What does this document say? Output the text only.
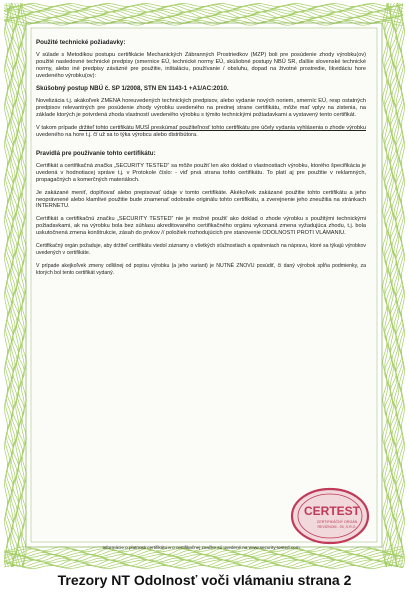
Použité technické požiadavky:
V súlade s Metodikou postupu certifikácie Mechanických Zábranných Prostriedkov (MZP) boli pre posúdenie zhody výrobku(ov) použité nasledovné technické predpisy (smernice EÚ, technické normy EÚ, skúšobné postupy NBÚ SR, ďalšie slovenské technické normy, alebo iné predpisy záväzné pre použitie, inštaláciu, používanie / obsluhu, dopad na životné prostredie, likvidáciu hore uvedeného výrobku(ov):
Skúšobný postup NBÚ č. SP 1/2008, STN EN 1143-1 +A1/AC:2010.
Novelizácia t.j. akákoľvek ZMENA horeuvedených technických predpisov, alebo vydanie nových noriem, smerníc EÚ, resp ostatných predpisov relevantných pre posúdenie zhody výrobku uvedeného na prednej strane certifikátu, môže mať vplyv na zistenia, na základe ktorých je potvrdená zhoda vlastností uvedeného výrobku s týmito technickými požiadavkami a vystavený tento certifikát.
V takom prípade držiteľ tohto certifikátu MUSÍ preskúmať použiteľnosť tohto certifikátu pre účely vydania vyhlásenia o zhode výrobku uvedeného na hore t.j. čí už sa to týka výrobcu alebo distribútora.
Pravidlá pre používanie tohto certifikátu:
Certifikát a certifikačná značka „SECURITY TESTED“ sa môže použiť len ako doklad o vlastnostiach výrobku, ktorého špecifikácia je uvedená v hodnotiacej správe t.j. v Protokole číslo: - viď prvá strana tohto certifikátu. To platí aj pre použitie v reklamných, propagačných a komerčných materiáloch.
Je zakázané meniť, doplňovať alebo prepisovať údaje v tomto certifikáte. Akékoľvek zakázané použitie tohto certifikátu a jeho neoprávnené alebo klamlivé použitie bude znamenať odobratie originálu tohto certifikátu, a zverejnenie jeho zneužitia na stránkach INTERNETU.
Certifikát a certifikačnú značku „SECURITY TESTED“ nie je možné použiť ako doklad o zhode výrobku s použitými technickými požiadavkami, ak na výrobku bola bez súhlasu akreditovaného certifikačného orgánu vykonaná zmena vyžadujúca zhodu, t.j. bola uskutočnená zmena konštrukcie, zásah do prvkov // položiek rozhodujúcich pre stanovenie ODOLNOSTI PROTI VLÁMANIU.
Certifikačný orgán požaduje, aby držiteľ certifikátu viedol záznamy o všetkých sťažnostiach a opatreniach na nápravu, ktoré sa týkajú výrobkov uvedených v certifikáte.
V prípade akejkoľvek zmeny odlišnej od popisu výrobku (a jeho variant) je NUTNÉ ZNOVU posúdiť, či daný výrobok spĺňa podmienky, za ktorých bol tento certifikát vydaný.
CERTEST
CERTIFIKÁČNÝ ORGÁN
REVÍZNOM - 05, S.R.O.
Informácie o platnosti certifikátu a o certifikačnej značke sú uvedené na www.security-tested.com
Trezory NT Odolnosť voči vlámaniu strana 2
